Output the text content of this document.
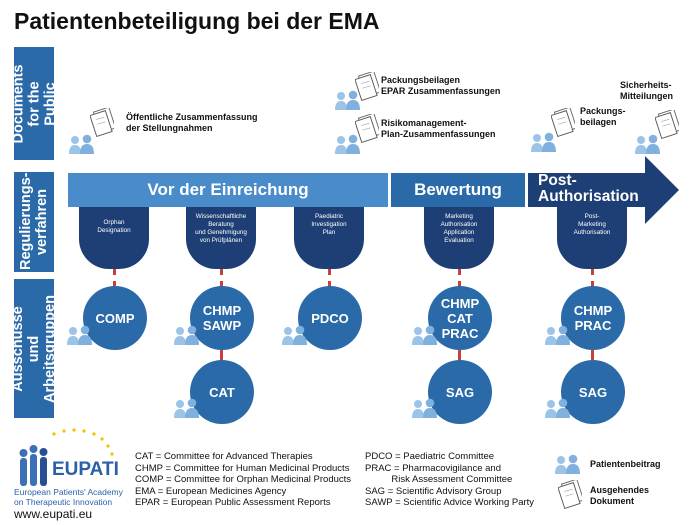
Patientenbeteiligung bei der EMA
Documents for the Public
Regulierungs-verfahren
Ausschüsse und Arbeitsgruppen
Vor der Einreichung	Bewertung	Post-Authorisation
Orphan
Designation
Wissenschaftliche
Beratung
und Genehmigung
von Prüfplänen
Paediatric
Investigation
Plan
Marketing
Authorisation
Application
Evaluation
Post-
Marketing
Authorisation
COMP	CHMP
SAWP
CAT
PDCO
CHMP
CAT
PRAC
SAG
CHMP
PRAC
SAG
Öffentliche Zusammenfassung
der Stellungnahmen
Packungsbeilagen
EPAR Zusammenfassungen
Risikomanagement-
Plan-Zusammenfassungen
Packungs-
beilagen
Sicherheits-
Mitteilungen
EUPATI
European Patients' Academy
on Therapeutic Innovation
www.eupati.eu
CAT = Committee for Advanced Therapies
CHMP = Committee for Human Medicinal Products
COMP = Committee for Orphan Medicinal Products
EMA = European Medicines Agency
EPAR = European Public Assessment Reports
PDCO = Paediatric Committee
PRAC = Pharmacovigilance and
Risk Assessment Committee
SAG = Scientific Advisory Group
SAWP = Scientific Advice Working Party
Patientenbeitrag
Ausgehendes
Dokument
